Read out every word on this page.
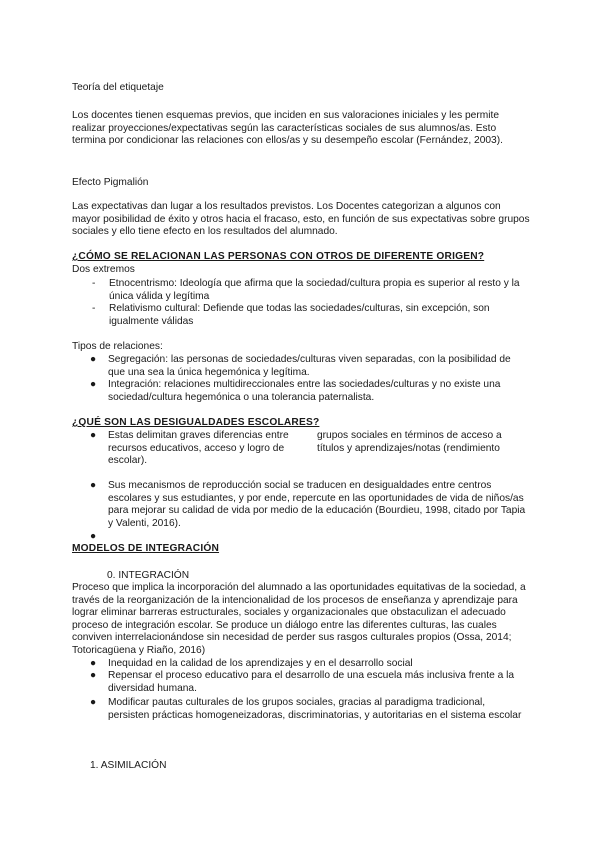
Teoría del etiquetaje

Los docentes tienen esquemas previos, que inciden en sus valoraciones iniciales y les permite realizar proyecciones/expectativas según las características sociales de sus alumnos/as. Esto termina por condicionar las relaciones con ellos/as y su desempeño escolar (Fernández, 2003).

Efecto Pigmalión

Las expectativas dan lugar a los resultados previstos. Los Docentes categorizan a algunos con mayor posibilidad de éxito y otros hacia el fracaso, esto, en función de sus expectativas sobre grupos sociales y ello tiene efecto en los resultados del alumnado.

¿CÓMO SE RELACIONAN LAS PERSONAS CON OTROS DE DIFERENTE ORIGEN?

Dos extremos

- Etnocentrismo: Ideología que afirma que la sociedad/cultura propia es superior al resto y la única válida y legítima
- Relativismo cultural: Defiende que todas las sociedades/culturas, sin excepción, son igualmente válidas

Tipos de relaciones:

● Segregación: las personas de sociedades/culturas viven separadas, con la posibilidad de que una sea la única hegemónica y legítima.
● Integración: relaciones multidireccionales entre las sociedades/culturas y no existe una sociedad/cultura hegemónica o una tolerancia paternalista.

¿QUÉ SON LAS DESIGUALDADES ESCOLARES?

● Estas delimitan graves diferencias entre recursos educativos, acceso y logro de escolar).
grupos sociales en términos de acceso a títulos y aprendizajes/notas (rendimiento
● Sus mecanismos de reproducción social se traducen en desigualdades entre centros escolares y sus estudiantes, y por ende, repercute en las oportunidades de vida de niños/as para mejorar su calidad de vida por medio de la educación (Bourdieu, 1998, citado por Tapia y Valenti, 2016).
●

MODELOS DE INTEGRACIÓN

0. INTEGRACIÓN

Proceso que implica la incorporación del alumnado a las oportunidades equitativas de la sociedad, a través de la reorganización de la intencionalidad de los procesos de enseñanza y aprendizaje para lograr eliminar barreras estructurales, sociales y organizacionales que obstaculizan el adecuado proceso de integración escolar. Se produce un diálogo entre las diferentes culturas, las cuales conviven interrelacionándose sin necesidad de perder sus rasgos culturales propios (Ossa, 2014; Totoricagüena y Riaño, 2016)

● Inequidad en la calidad de los aprendizajes y en el desarrollo social
● Repensar el proceso educativo para el desarrollo de una escuela más inclusiva frente a la diversidad humana.
● Modificar pautas culturales de los grupos sociales, gracias al paradigma tradicional, persisten prácticas homogeneizadoras, discriminatorias, y autoritarias en el sistema escolar

1. ASIMILACIÓN
